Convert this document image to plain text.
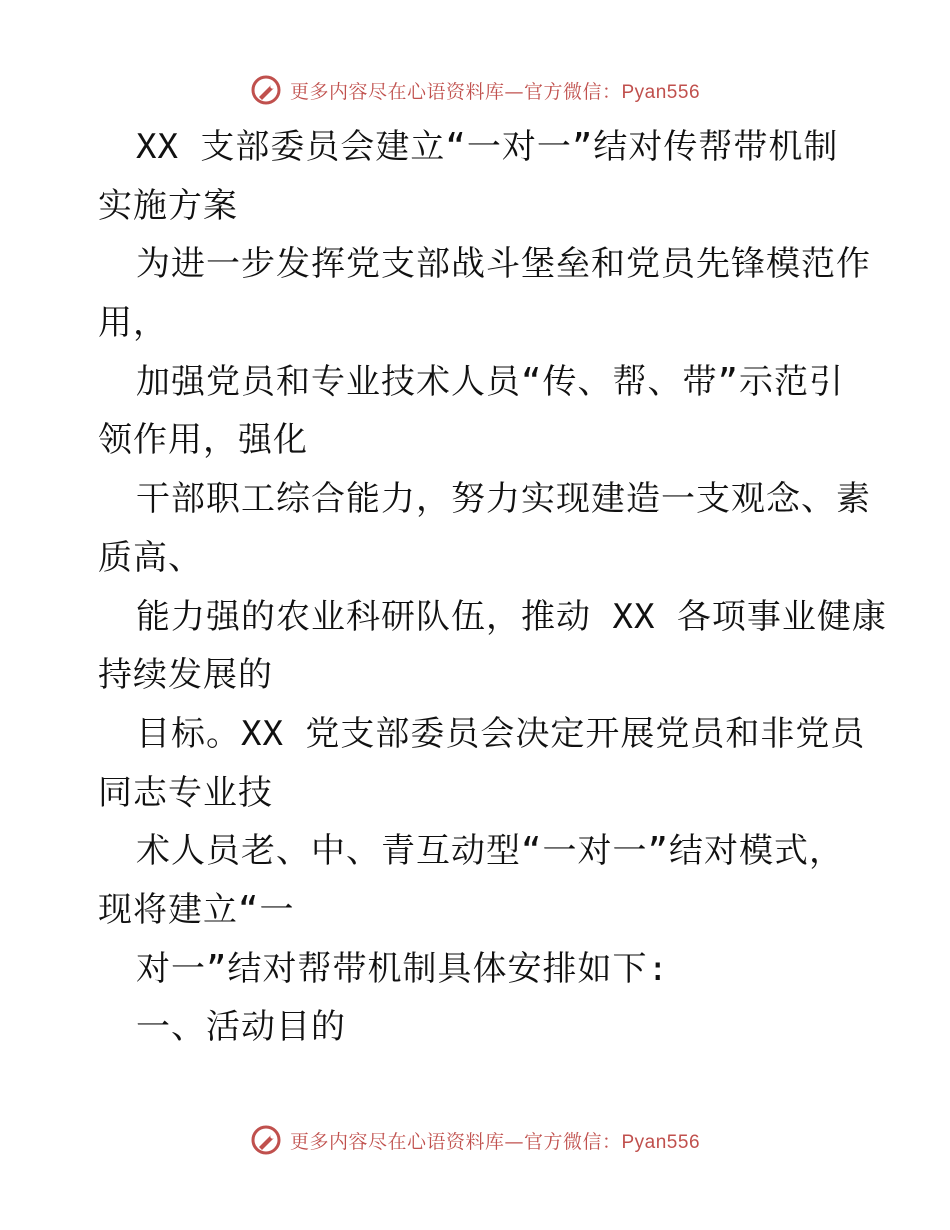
更多内容尽在心语资料库—官方微信：Pyan556
XX 支部委员会建立“一对一”结对传帮带机制
实施方案
为进一步发挥党支部战斗堡垒和党员先锋模范作
用，
加强党员和专业技术人员“传、帮、带”示范引
领作用，强化
干部职工综合能力，努力实现建造一支观念、素
质高、
能力强的农业科研队伍，推动 XX 各项事业健康
持续发展的
目标。XX 党支部委员会决定开展党员和非党员
同志专业技
术人员老、中、青互动型“一对一”结对模式，
现将建立“一
对一”结对帮带机制具体安排如下:
一、活动目的
更多内容尽在心语资料库—官方微信：Pyan556
